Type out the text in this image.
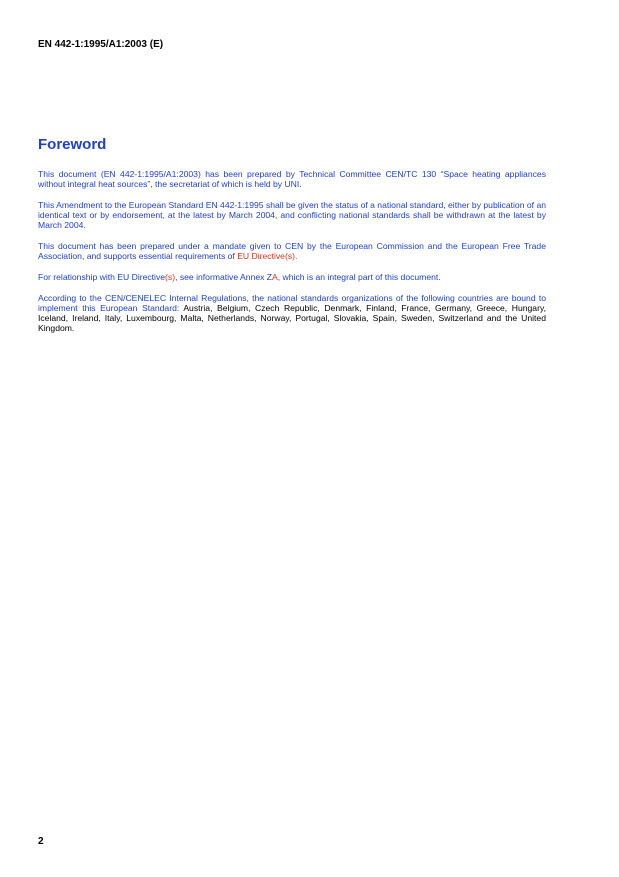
EN 442-1:1995/A1:2003 (E)
Foreword

This document (EN 442-1:1995/A1:2003) has been prepared by Technical Committee CEN/TC 130 “Space heating appliances without integral heat sources”, the secretariat of which is held by UNI.

This Amendment to the European Standard EN 442-1:1995 shall be given the status of a national standard, either by publication of an identical text or by endorsement, at the latest by March 2004, and conflicting national standards shall be withdrawn at the latest by March 2004.

This document has been prepared under a mandate given to CEN by the European Commission and the European Free Trade Association, and supports essential requirements of EU Directive(s).

For relationship with EU Directive(s), see informative Annex ZA, which is an integral part of this document.

According to the CEN/CENELEC Internal Regulations, the national standards organizations of the following countries are bound to implement this European Standard: Austria, Belgium, Czech Republic, Denmark, Finland, France, Germany, Greece, Hungary, Iceland, Ireland, Italy, Luxembourg, Malta, Netherlands, Norway, Portugal, Slovakia, Spain, Sweden, Switzerland and the United Kingdom.

2
